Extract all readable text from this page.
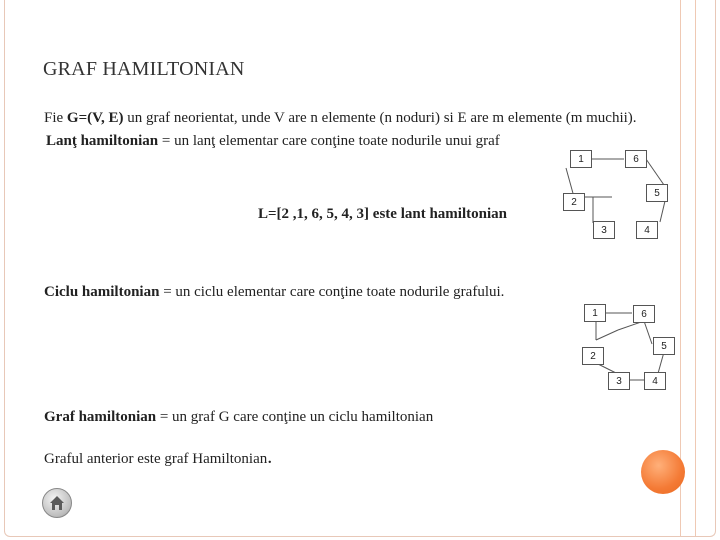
GRAF HAMILTONIAN
Fie G=(V, E) un graf neorientat, unde V are n elemente (n noduri) si E are m elemente (m muchii).
Lanţ hamiltonian = un lanţ elementar care conţine toate nodurile unui graf
L=[2 ,1, 6, 5, 4, 3] este lant hamiltonian
Ciclu hamiltonian = un ciclu elementar care conţine toate nodurile grafului.
Graf hamiltonian = un graf G care conţine un ciclu hamiltonian
Graful anterior este graf Hamiltonian.
1	6
5
2
3	4
1	6
5
2
3	4
